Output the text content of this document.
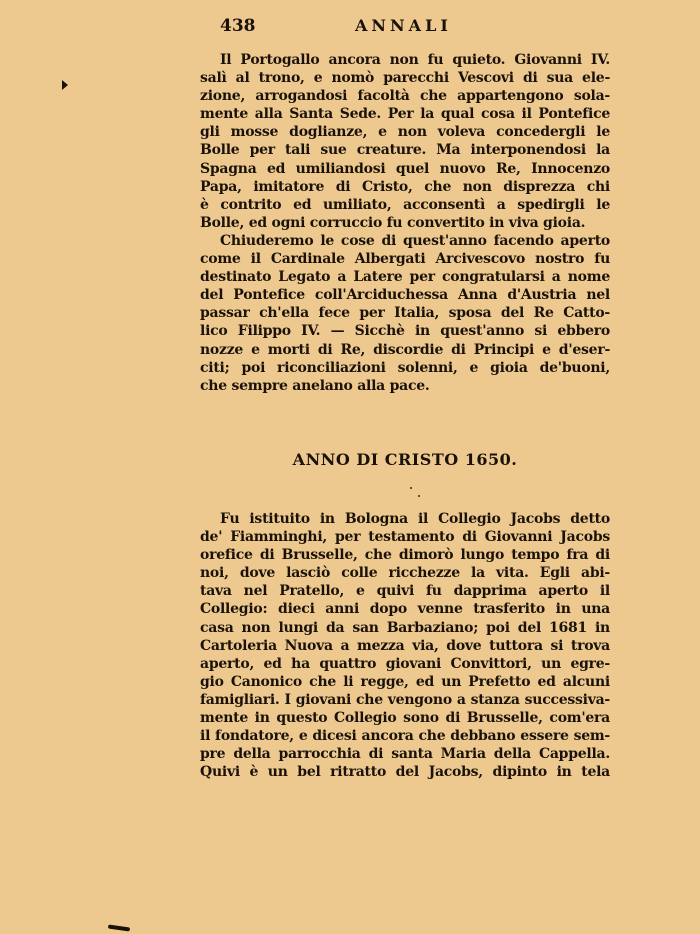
438	ANNALI
Il Portogallo ancora non fu quieto. Giovanni IV.
salì al trono, e nomò parecchi Vescovi di sua ele-
zione, arrogandosi facoltà che appartengono sola-
mente alla Santa Sede. Per la qual cosa il Pontefice
gli mosse doglianze, e non voleva concedergli le
Bolle per tali sue creature. Ma interponendosi la
Spagna ed umiliandosi quel nuovo Re, Innocenzo
Papa, imitatore di Cristo, che non disprezza chi
è contrito ed umiliato, acconsentì a spedirgli le
Bolle, ed ogni corruccio fu convertito in viva gioia.
Chiuderemo le cose di quest'anno facendo aperto
come il Cardinale Albergati Arcivescovo nostro fu
destinato Legato a Latere per congratularsi a nome
del Pontefice coll'Arciduchessa Anna d'Austria nel
passar ch'ella fece per Italia, sposa del Re Catto-
lico Filippo IV. — Sicchè in quest'anno si ebbero
nozze e morti di Re, discordie di Principi e d'eser-
citi; poi riconciliazioni solenni, e gioia de'buoni,
che sempre anelano alla pace.
ANNO DI CRISTO 1650.
Fu istituito in Bologna il Collegio Jacobs detto
de' Fiamminghi, per testamento di Giovanni Jacobs
orefice di Brusselle, che dimorò lungo tempo fra di
noi, dove lasciò colle ricchezze la vita. Egli abi-
tava nel Pratello, e quivi fu dapprima aperto il
Collegio: dieci anni dopo venne trasferito in una
casa non lungi da san Barbaziano; poi del 1681 in
Cartoleria Nuova a mezza via, dove tuttora si trova
aperto, ed ha quattro giovani Convittori, un egre-
gio Canonico che li regge, ed un Prefetto ed alcuni
famigliari. I giovani che vengono a stanza successiva-
mente in questo Collegio sono di Brusselle, com'era
il fondatore, e dicesi ancora che debbano essere sem-
pre della parrocchia di santa Maria della Cappella.
Quivi è un bel ritratto del Jacobs, dipinto in tela
